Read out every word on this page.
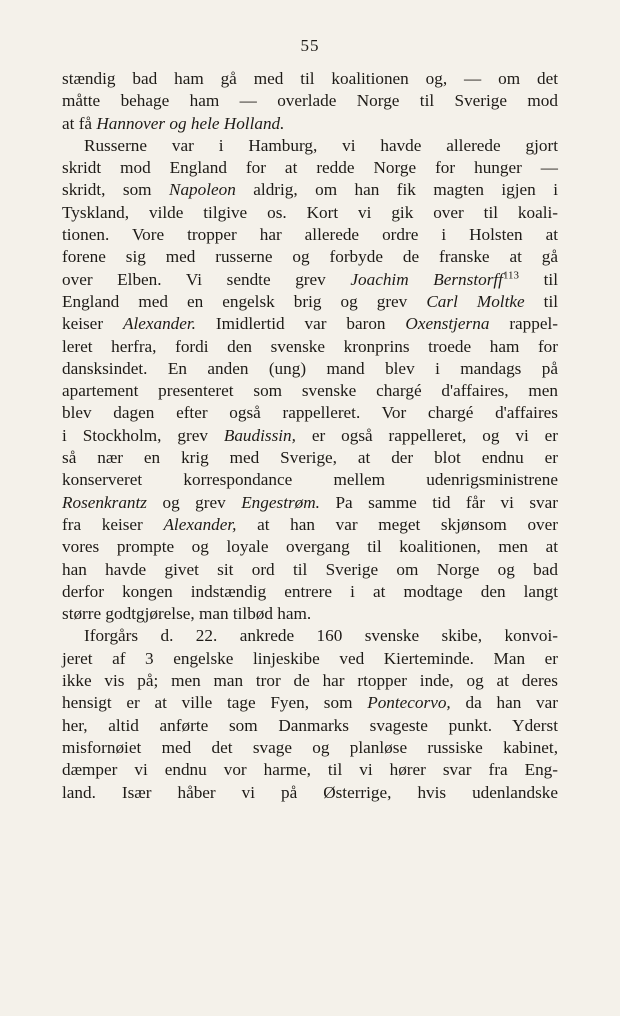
55
stændig bad ham gå med til koalitionen og, — om det
måtte behage ham — overlade Norge til Sverige mod
at få Hannover og hele Holland.
Russerne var i Hamburg, vi havde allerede gjort
skridt mod England for at redde Norge for hunger —
skridt, som Napoleon aldrig, om han fik magten igjen i
Tyskland, vilde tilgive os. Kort vi gik over til koali-
tionen. Vore tropper har allerede ordre i Holsten at
forene sig med russerne og forbyde de franske at gå
over Elben. Vi sendte grev Joachim Bernstorff$^{113}$ til
England med en engelsk brig og grev Carl Moltke til
keiser Alexander. Imidlertid var baron Oxenstjerna rappel-
leret herfra, fordi den svenske kronprins troede ham for
dansksindet. En anden (ung) mand blev i mandags på
apartement presenteret som svenske chargé d'affaires, men
blev dagen efter også rappelleret. Vor chargé d'affaires
i Stockholm, grev Baudissin, er også rappelleret, og vi er
så nær en krig med Sverige, at der blot endnu er
konserveret korrespondance mellem udenrigsministrene
Rosenkrantz og grev Engestrøm. Pa samme tid får vi svar
fra keiser Alexander, at han var meget skjønsom over
vores prompte og loyale overgang til koalitionen, men at
han havde givet sit ord til Sverige om Norge og bad
derfor kongen indstændig entrere i at modtage den langt
større godtgjørelse, man tilbød ham.
Iforgårs d. 22. ankrede 160 svenske skibe, konvoi-
jeret af 3 engelske linjeskibe ved Kierteminde. Man er
ikke vis på; men man tror de har rtopper inde, og at deres
hensigt er at ville tage Fyen, som Pontecorvo, da han var
her, altid anførte som Danmarks svageste punkt. Yderst
misfornøiet med det svage og planløse russiske kabinet,
dæmper vi endnu vor harme, til vi hører svar fra Eng-
land. Især håber vi på Østerrige, hvis udenlandske
